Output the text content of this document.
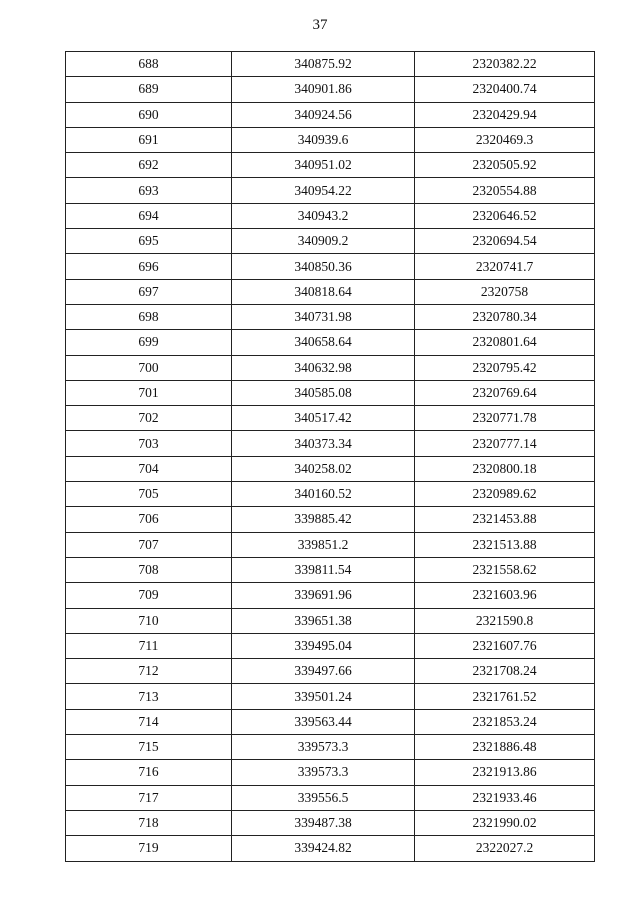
37
688	340875.92	2320382.22
689	340901.86	2320400.74
690	340924.56	2320429.94
691	340939.6	2320469.3
692	340951.02	2320505.92
693	340954.22	2320554.88
694	340943.2	2320646.52
695	340909.2	2320694.54
696	340850.36	2320741.7
697	340818.64	2320758
698	340731.98	2320780.34
699	340658.64	2320801.64
700	340632.98	2320795.42
701	340585.08	2320769.64
702	340517.42	2320771.78
703	340373.34	2320777.14
704	340258.02	2320800.18
705	340160.52	2320989.62
706	339885.42	2321453.88
707	339851.2	2321513.88
708	339811.54	2321558.62
709	339691.96	2321603.96
710	339651.38	2321590.8
711	339495.04	2321607.76
712	339497.66	2321708.24
713	339501.24	2321761.52
714	339563.44	2321853.24
715	339573.3	2321886.48
716	339573.3	2321913.86
717	339556.5	2321933.46
718	339487.38	2321990.02
719	339424.82	2322027.2
